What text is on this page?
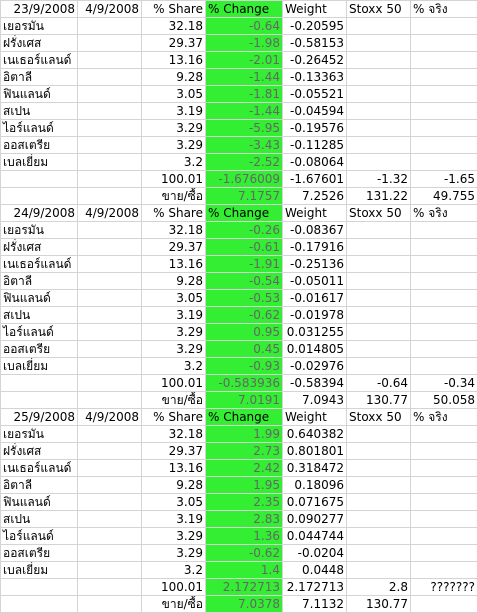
23/9/2008	4/9/2008	% Share	% Change	Weight	Stoxx 50	% จริง
เยอรมัน		32.18	-0.64	-0.20595		
ฝรั่งเศส		29.37	-1.98	-0.58153		
เนเธอร์แลนด์		13.16	-2.01	-0.26452		
อิตาลี		9.28	-1.44	-0.13363		
ฟินแลนด์		3.05	-1.81	-0.05521		
สเปน		3.19	-1.44	-0.04594		
ไอร์แลนด์		3.29	-5.95	-0.19576		
ออสเตรีย		3.29	-3.43	-0.11285		
เบลเยี่ยม		3.2	-2.52	-0.08064		
		100.01	-1.676009	-1.67601	-1.32	-1.65
		ขาย/ซื้อ	7.1757	7.2526	131.22	49.755
24/9/2008	4/9/2008	% Share	% Change	Weight	Stoxx 50	% จริง
เยอรมัน		32.18	-0.26	-0.08367		
ฝรั่งเศส		29.37	-0.61	-0.17916		
เนเธอร์แลนด์		13.16	-1.91	-0.25136		
อิตาลี		9.28	-0.54	-0.05011		
ฟินแลนด์		3.05	-0.53	-0.01617		
สเปน		3.19	-0.62	-0.01978		
ไอร์แลนด์		3.29	0.95	0.031255		
ออสเตรีย		3.29	0.45	0.014805		
เบลเยี่ยม		3.2	-0.93	-0.02976		
		100.01	-0.583936	-0.58394	-0.64	-0.34
		ขาย/ซื้อ	7.0191	7.0943	130.77	50.058
25/9/2008	4/9/2008	% Share	% Change	Weight	Stoxx 50	% จริง
เยอรมัน		32.18	1.99	0.640382		
ฝรั่งเศส		29.37	2.73	0.801801		
เนเธอร์แลนด์		13.16	2.42	0.318472		
อิตาลี		9.28	1.95	0.18096		
ฟินแลนด์		3.05	2.35	0.071675		
สเปน		3.19	2.83	0.090277		
ไอร์แลนด์		3.29	1.36	0.044744		
ออสเตรีย		3.29	-0.62	-0.0204		
เบลเยี่ยม		3.2	1.4	0.0448		
		100.01	2.172713	2.172713	2.8	???????
		ขาย/ซื้อ	7.0378	7.1132	130.77	
